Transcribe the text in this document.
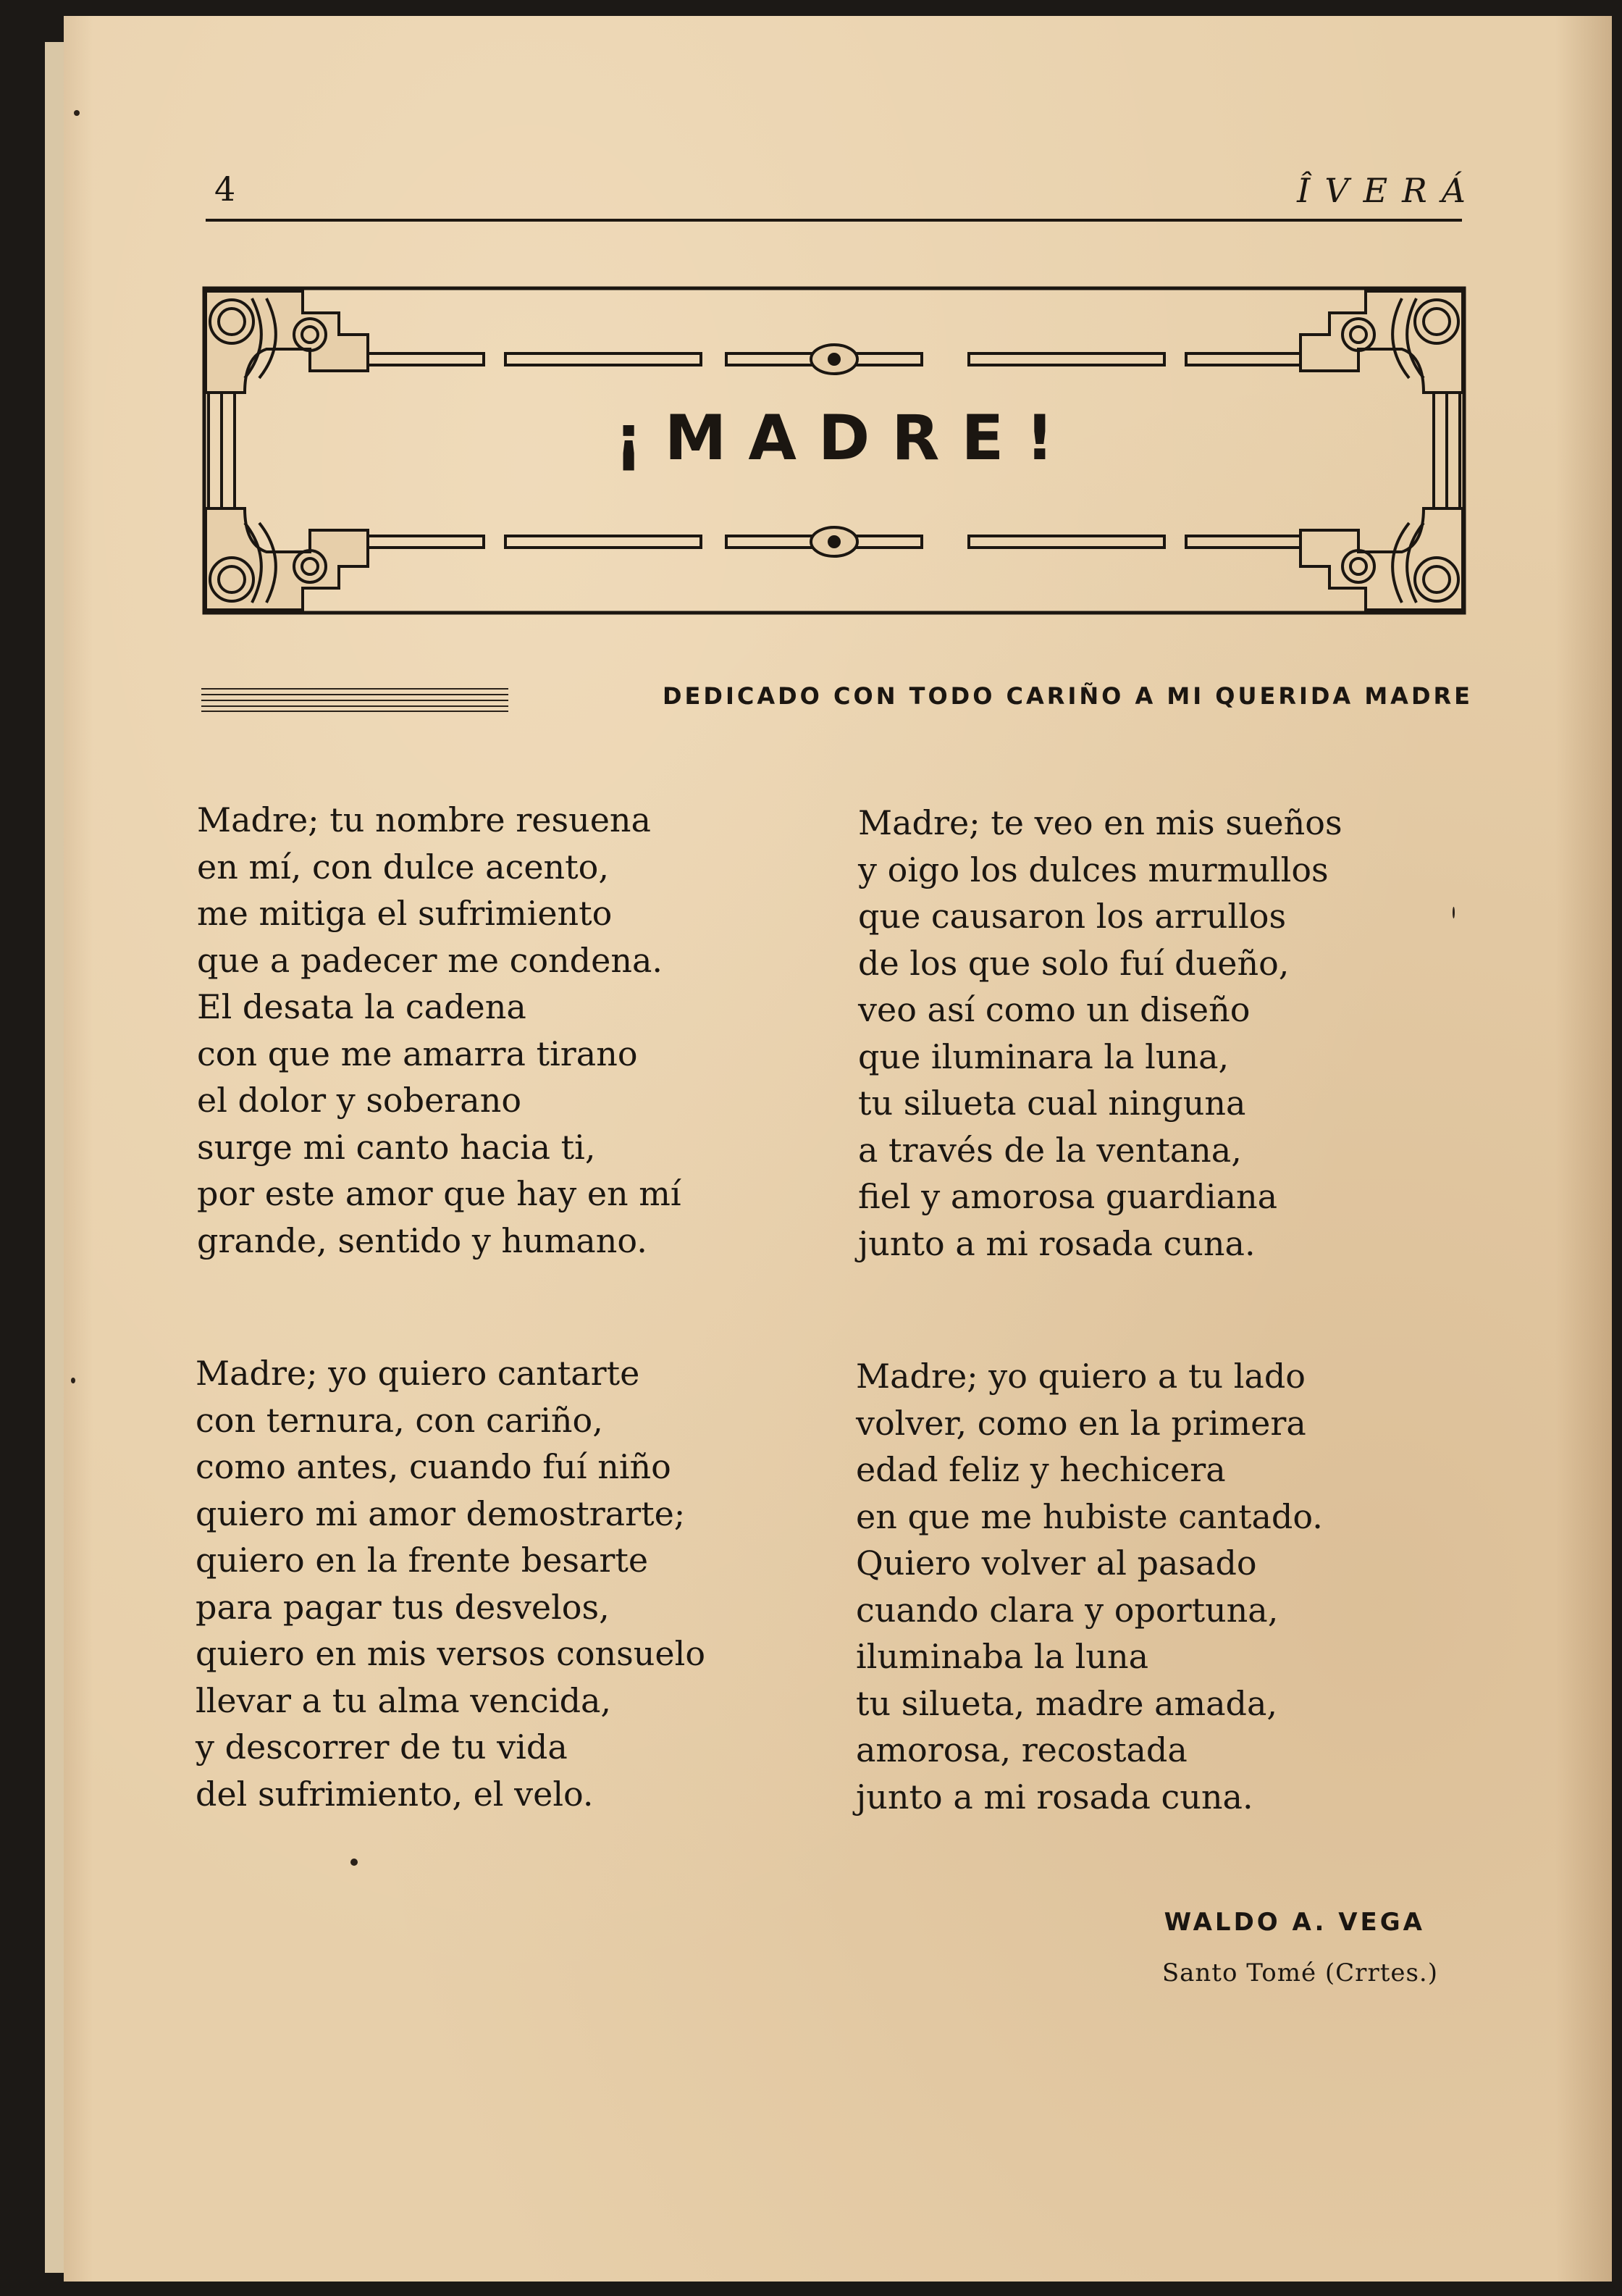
4	ÎVERÁ
¡MADRE!
DEDICADO CON TODO CARIÑO A MI QUERIDA MADRE
Madre; tu nombre resuena
en mí, con dulce acento,
me mitiga el sufrimiento
que a padecer me condena.
El desata la cadena
con que me amarra tirano
el dolor y soberano
surge mi canto hacia ti,
por este amor que hay en mí
grande, sentido y humano.
Madre; te veo en mis sueños
y oigo los dulces murmullos
que causaron los arrullos
de los que solo fuí dueño,
veo así como un diseño
que iluminara la luna,
tu silueta cual ninguna
a través de la ventana,
fiel y amorosa guardiana
junto a mi rosada cuna.
Madre; yo quiero cantarte
con ternura, con cariño,
como antes, cuando fuí niño
quiero mi amor demostrarte;
quiero en la frente besarte
para pagar tus desvelos,
quiero en mis versos consuelo
llevar a tu alma vencida,
y descorrer de tu vida
del sufrimiento, el velo.
Madre; yo quiero a tu lado
volver, como en la primera
edad feliz y hechicera
en que me hubiste cantado.
Quiero volver al pasado
cuando clara y oportuna,
iluminaba la luna
tu silueta, madre amada,
amorosa, recostada
junto a mi rosada cuna.
WALDO A. VEGA
Santo Tomé (Crrtes.)
